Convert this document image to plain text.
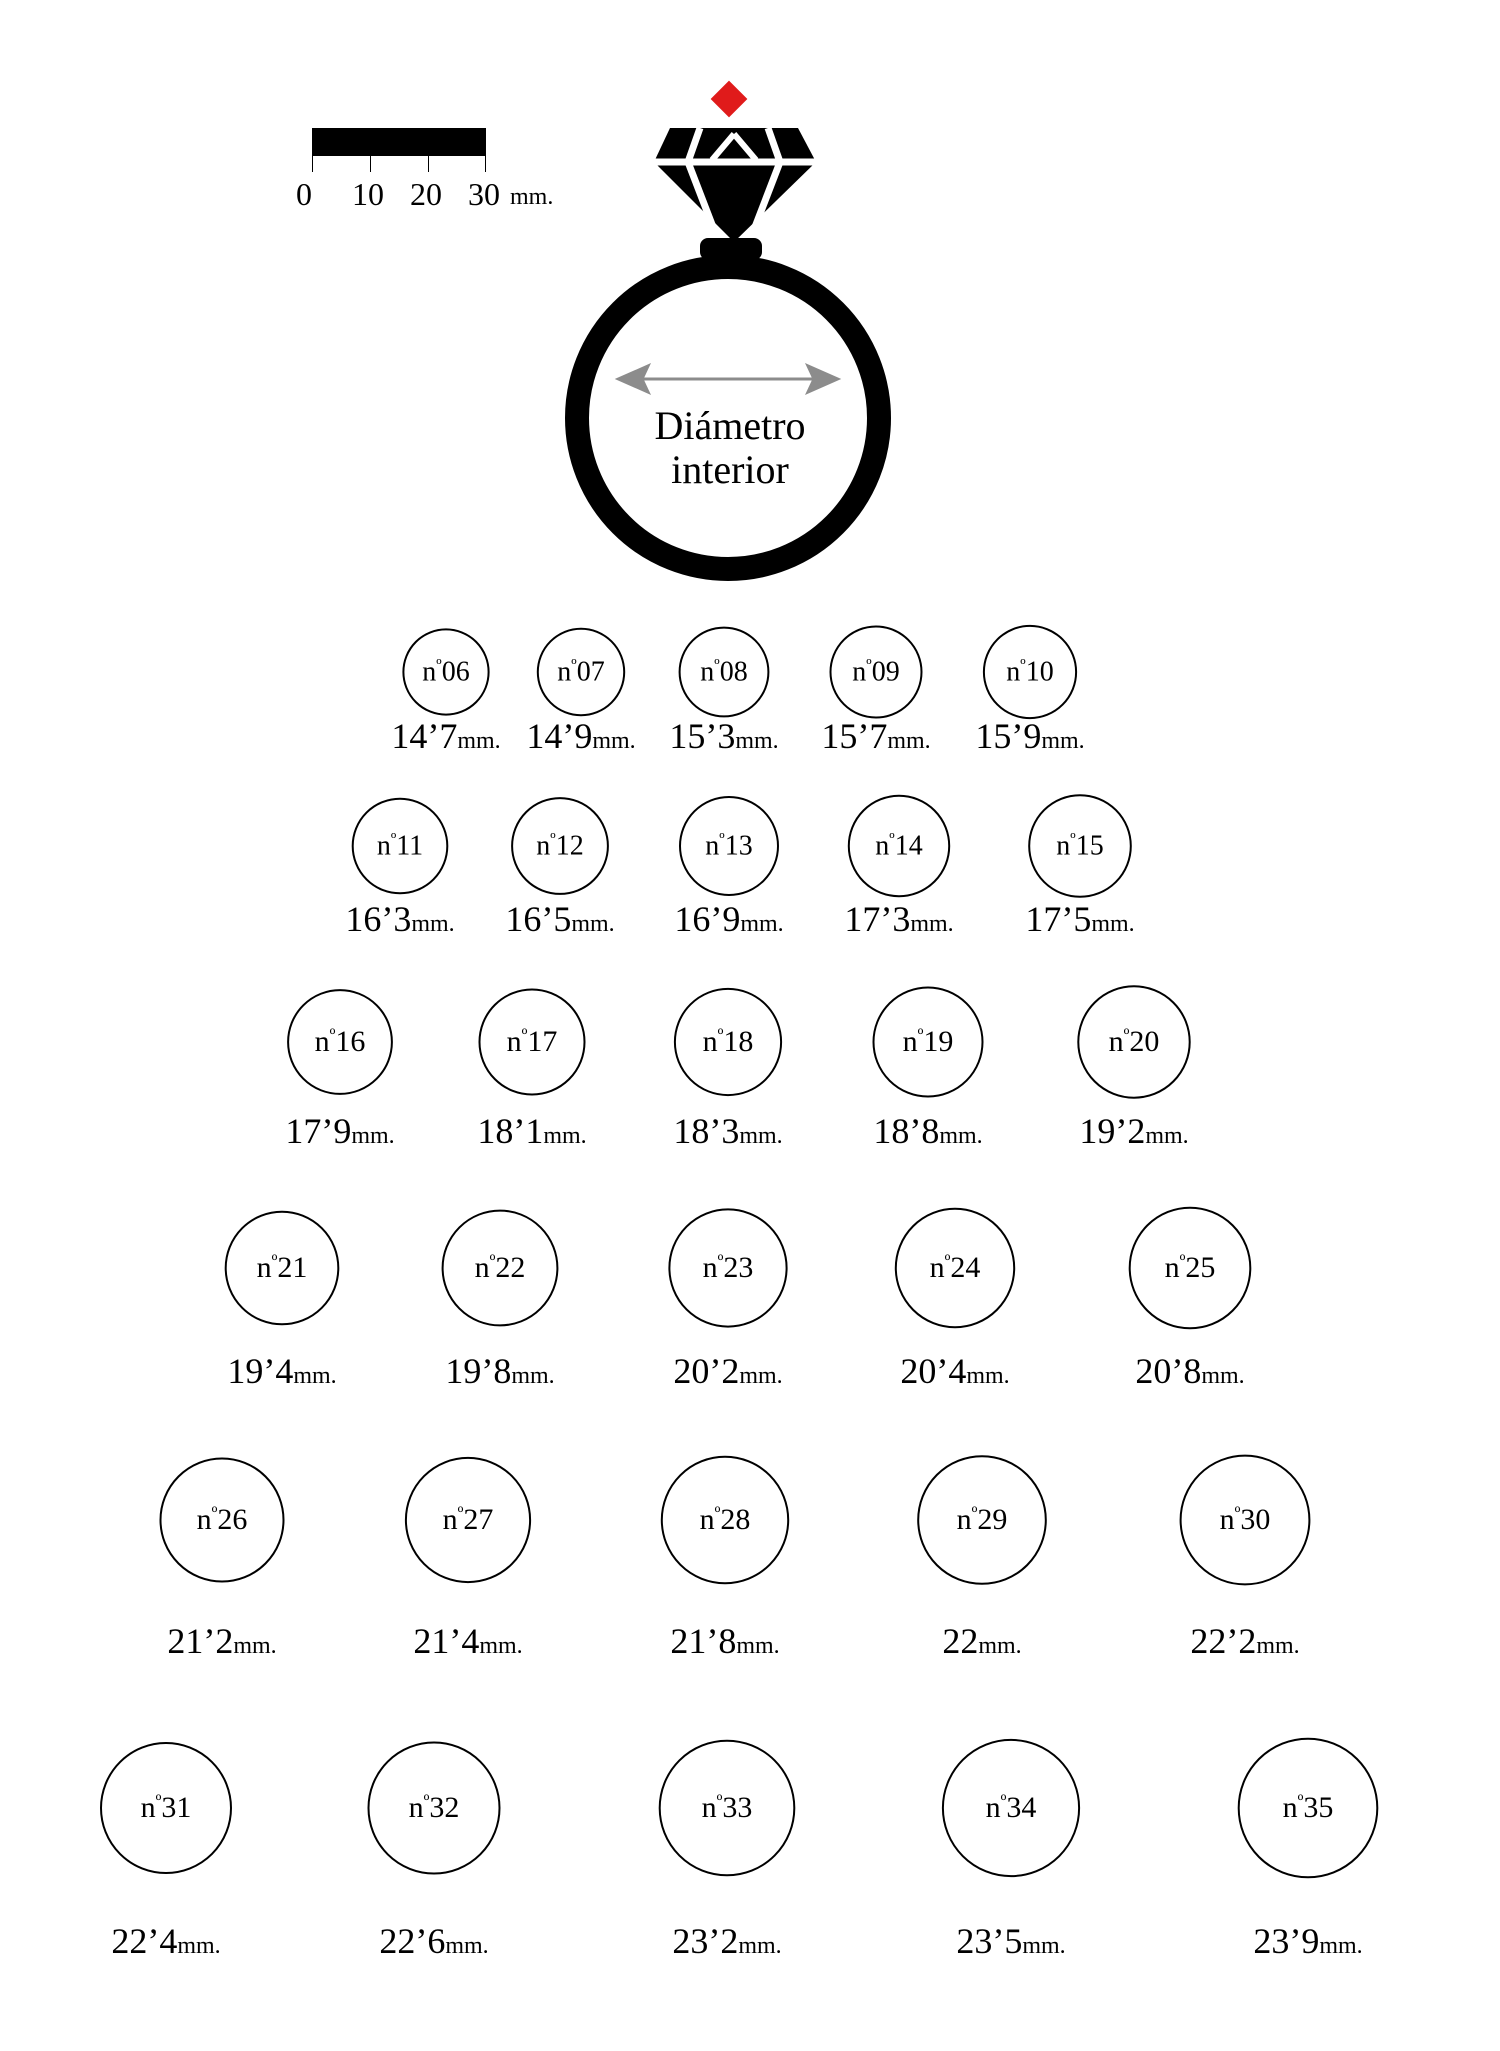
0 10 20 30 mm.
Diámetro
interior
$n^º06$
14’7mm.
$n^º07$
14’9mm.
$n^º08$
15’3mm.
$n^º09$
15’7mm.
$n^º10$
15’9mm.
$n^º11$
16’3mm.
$n^º12$
16’5mm.
$n^º13$
16’9mm.
$n^º14$
17’3mm.
$n^º15$
17’5mm.
$n^º16$
17’9mm.
$n^º17$
18’1mm.
$n^º18$
18’3mm.
$n^º19$
18’8mm.
$n^º20$
19’2mm.
$n^º21$
19’4mm.
$n^º22$
19’8mm.
$n^º23$
20’2mm.
$n^º24$
20’4mm.
$n^º25$
20’8mm.
$n^º26$
21’2mm.
$n^º27$
21’4mm.
$n^º28$
21’8mm.
$n^º29$
22mm.
$n^º30$
22’2mm.
$n^º31$
22’4mm.
$n^º32$
22’6mm.
$n^º33$
23’2mm.
$n^º34$
23’5mm.
$n^º35$
23’9mm.
